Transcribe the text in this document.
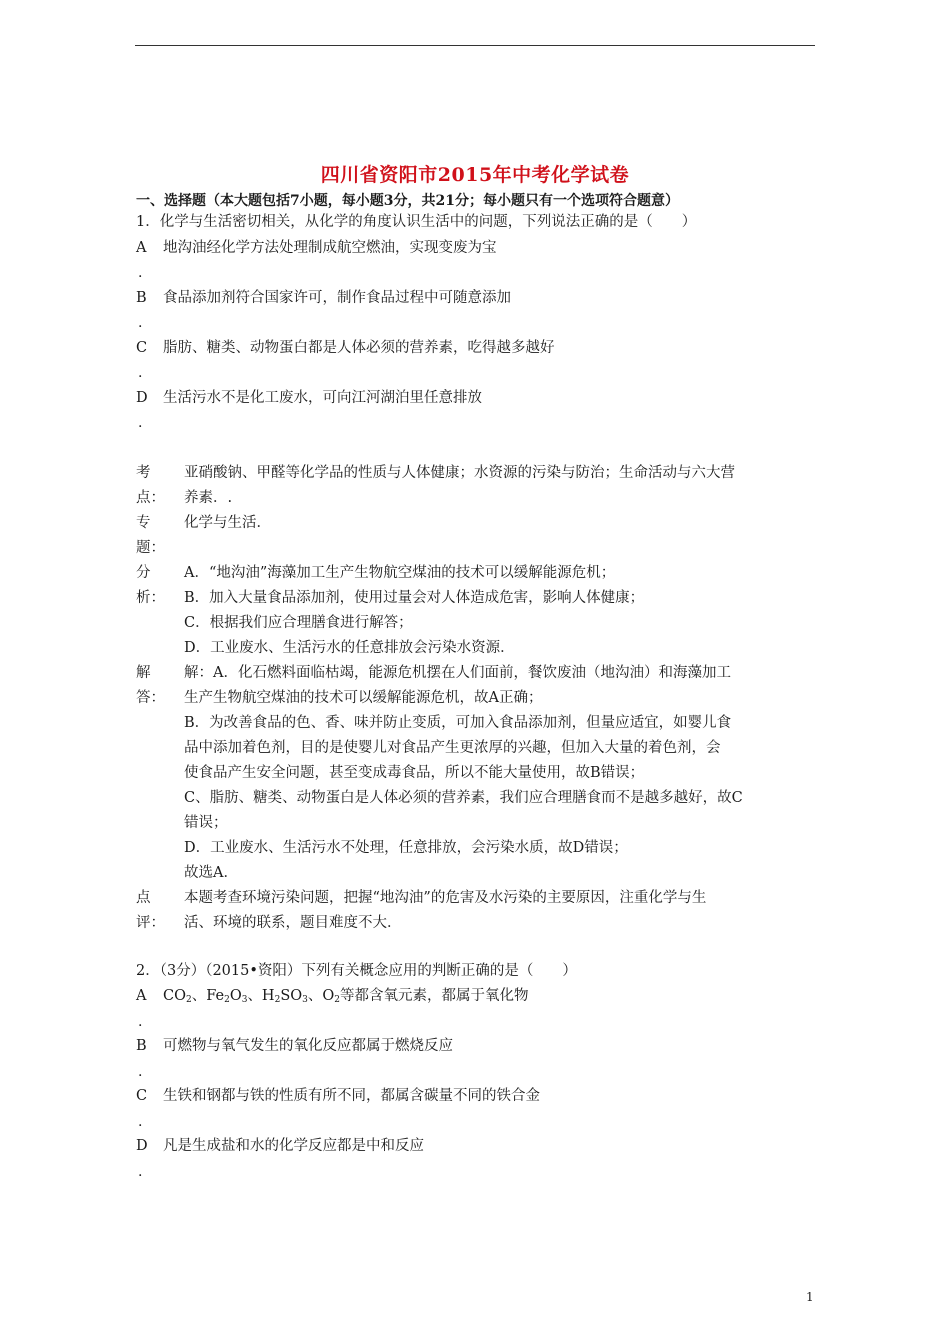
四川省资阳市2015年中考化学试卷
一、选择题（本大题包括7小题，每小题3分，共21分；每小题只有一个选项符合题意）
1．化学与生活密切相关，从化学的角度认识生活中的问题，下列说法正确的是（　　）
A 地沟油经化学方法处理制成航空燃油，实现变废为宝
.
B 食品添加剂符合国家许可，制作食品过程中可随意添加
.
C 脂肪、糖类、动物蛋白都是人体必须的营养素，吃得越多越好
.
D 生活污水不是化工废水，可向江河湖泊里任意排放
.
考
点：
亚硝酸钠、甲醛等化学品的性质与人体健康；水资源的污染与防治；生命活动与六大营
养素．.
专
题：
化学与生活．
分
析：
A．“地沟油”海藻加工生产生物航空煤油的技术可以缓解能源危机；
B．加入大量食品添加剂，使用过量会对人体造成危害，影响人体健康；
C．根据我们应合理膳食进行解答；
D．工业废水、生活污水的任意排放会污染水资源．
解
答：
解：A．化石燃料面临枯竭，能源危机摆在人们面前，餐饮废油（地沟油）和海藻加工
生产生物航空煤油的技术可以缓解能源危机，故A正确；
B．为改善食品的色、香、味并防止变质，可加入食品添加剂，但量应适宜，如婴儿食
品中添加着色剂，目的是使婴儿对食品产生更浓厚的兴趣，但加入大量的着色剂，会
使食品产生安全问题，甚至变成毒食品，所以不能大量使用，故B错误；
C、脂肪、糖类、动物蛋白是人体必须的营养素，我们应合理膳食而不是越多越好，故C
错误；
D．工业废水、生活污水不处理，任意排放，会污染水质，故D错误；
故选A．
点
评：
本题考查环境污染问题，把握“地沟油”的危害及水污染的主要原因，注重化学与生
活、环境的联系，题目难度不大．
2．（3分）（2015•资阳）下列有关概念应用的判断正确的是（　　）
A $CO_2$、$Fe_2O_3$、$H_2SO_3$、$O_2$等都含氧元素，都属于氧化物
.
B 可燃物与氧气发生的氧化反应都属于燃烧反应
.
C 生铁和钢都与铁的性质有所不同，都属含碳量不同的铁合金
.
D 凡是生成盐和水的化学反应都是中和反应
.
1
